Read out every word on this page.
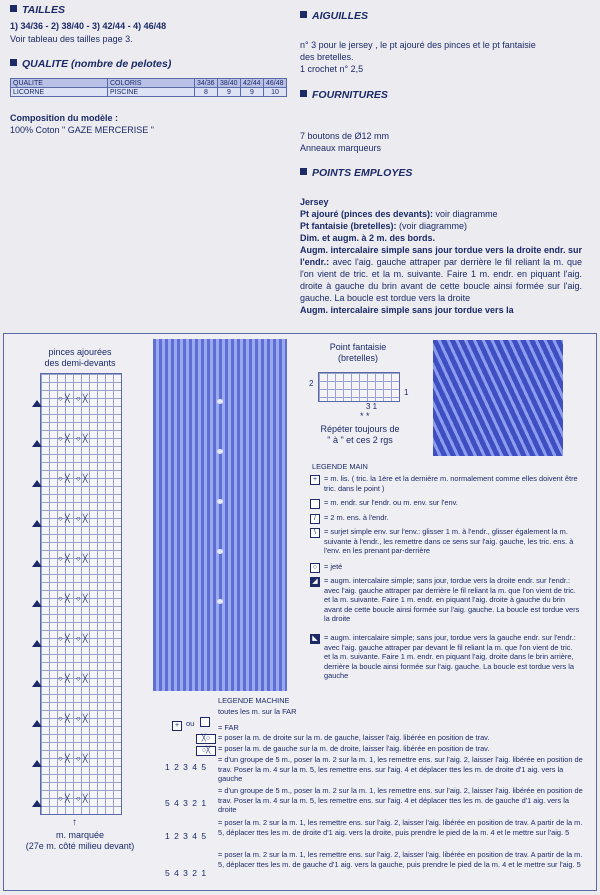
TAILLES
1) 34/36 - 2) 38/40 - 3) 42/44 - 4) 46/48
Voir tableau des tailles page 3.
QUALITE (nombre de pelotes)
QUALITE	COLORIS	34/36	38/40	42/44	46/48
LICORNE	PISCINE	8	9	9	10
Composition du modèle :
100% Coton " GAZE MERCERISE "
AIGUILLES
n° 3 pour le jersey , le pt ajouré des pinces et le pt fantaisie
des bretelles.
1 crochet n° 2,5
FOURNITURES
7 boutons de Ø12 mm
Anneaux marqueurs
POINTS EMPLOYES
Jersey
Pt ajouré (pinces des devants): voir diagramme
Pt fantaisie (bretelles): (voir diagramme)
Dim. et augm. à 2 m. des bords.
Augm. intercalaire simple sans jour tordue vers la droite endr. sur l'endr.: avec l'aig. gauche attraper par derrière le fil reliant la m. que l'on vient de tric. et la m. suivante. Faire 1 m. endr. en piquant l'aig. droite à gauche du brin avant de cette boucle ainsi formée sur l'aig. gauche. La boucle est tordue vers la droite
Augm. intercalaire simple sans jour tordue vers la
pinces ajourées
des demi-devants
○╳ ○╳
○╳ ○╳
○╳ ○╳
○╳ ○╳
○╳ ○╳
○╳ ○╳
○╳ ○╳
○╳ ○╳
○╳ ○╳
○╳ ○╳
○╳ ○╳
↑
m. marquée
(27e m. côté milieu devant)
Point fantaisie
(bretelles)
2
1
3 1
* *
Répéter toujours de
" à " et ces 2 rgs
LEGENDE MAIN
+ = m. lis. ( tric. la 1ère et la dernière m. normalement comme elles doivent être tric. dans le point )
= m. endr. sur l'endr. ou m. env. sur l'env.
/	= 2 m. ens. à l'endr.
\	= surjet simple env. sur l'env.: glisser 1 m. à l'endr., glisser également la m. suivante à l'endr., les remettre dans ce sens sur l'aig. gauche, les tric. ens. à l'env. en les prenant par-derrière
○ = jeté
◢ = augm. intercalaire simple; sans jour, tordue vers la droite endr. sur l'endr.: avec l'aig. gauche attraper par derrière le fil reliant la m. que l'on vient de tric. et la m. suivante. Faire 1 m. endr. en piquant l'aig. droite à gauche du brin avant de cette boucle ainsi formée sur l'aig. gauche. La boucle est tordue vers la droite
◣ = augm. intercalaire simple; sans jour, tordue vers la gauche endr. sur l'endr.: avec l'aig. gauche attraper par devant le fil reliant la m. que l'on vient de tric. et la m. suivante. Faire 1 m. endr. en piquant l'aig. droite dans le brin arrière, derrière la boucle ainsi formée sur l'aig. gauche. La boucle est tordue vers la gauche
LEGENDE MACHINE
toutes les m. sur la FAR
+ ou	= FAR
╳○	= poser la m. de droite sur la m. de gauche, laisser l'aig. libérée en position de trav.
○╳	= poser la m. de gauche sur la m. de droite, laisser l'aig. libérée en position de trav.
1 2 3 4 5
= d'un groupe de 5 m., poser la m. 2 sur la m. 1, les remettre ens. sur l'aig. 2, laisser l'aig. libérée en position de trav. Poser la m. 4 sur la m. 5, les remettre ens. sur l'aig. 4 et déplacer ttes les m. de droite d'1 aig. vers la gauche
5 4 3 2 1
= d'un groupe de 5 m., poser la m. 2 sur la m. 1, les remettre ens. sur l'aig. 2, laisser l'aig. libérée en position de trav. Poser la m. 4 sur la m. 5, les remettre ens. sur l'aig. 4 et déplacer ttes les m. de gauche d'1 aig. vers la droite
1 2 3 4 5
= poser la m. 2 sur la m. 1, les remettre ens. sur l'aig. 2, laisser l'aig. libérée en position de trav. A partir de la m. 5, déplacer ttes les m. de droite d'1 aig. vers la droite, puis prendre le pied de la m. 4 et le mettre sur l'aig. 5
5 4 3 2 1
= poser la m. 2 sur la m. 1, les remettre ens. sur l'aig. 2, laisser l'aig. libérée en position de trav. A partir de la m. 5, déplacer ttes les m. de gauche d'1 aig. vers la gauche, puis prendre le pied de la m. 4 et le mettre sur l'aig. 5
